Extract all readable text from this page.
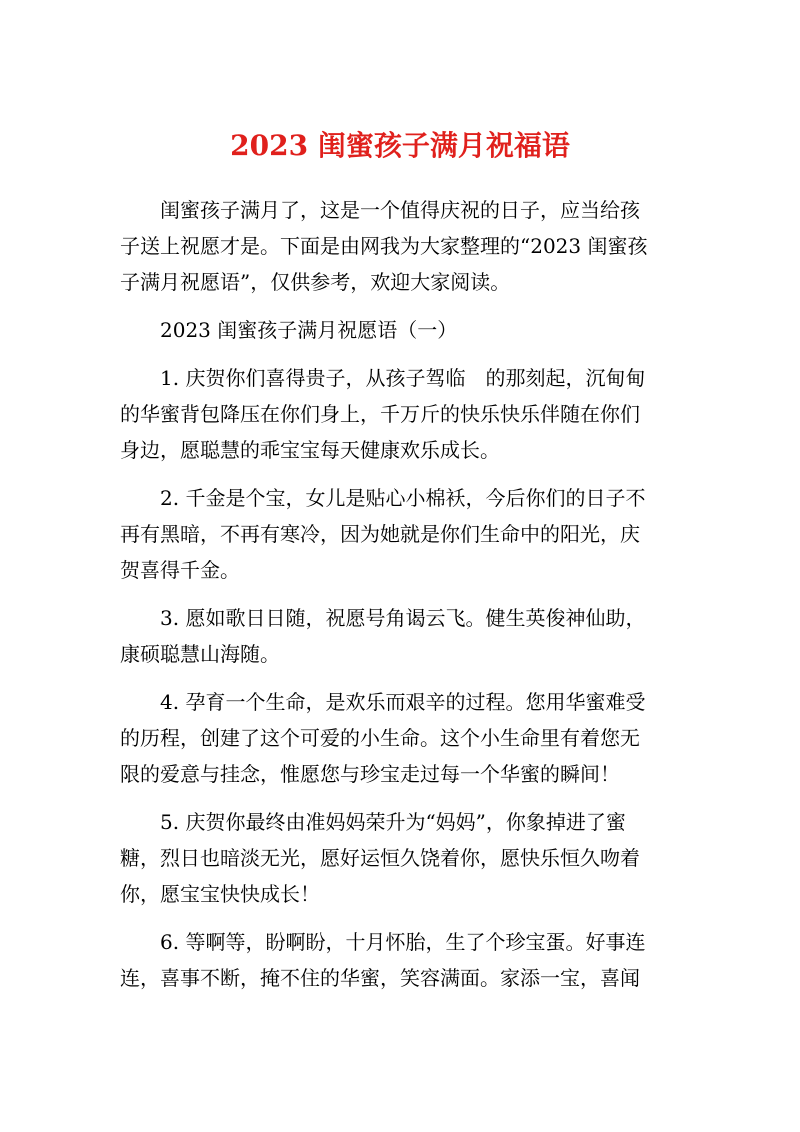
2023 闺蜜孩子满月祝福语
闺蜜孩子满月了，这是一个值得庆祝的日子，应当给孩
子送上祝愿才是。下面是由网我为大家整理的“2023 闺蜜孩
子满月祝愿语”，仅供参考，欢迎大家阅读。
2023 闺蜜孩子满月祝愿语（一）
1. 庆贺你们喜得贵子，从孩子驾临　的那刻起，沉甸甸
的华蜜背包降压在你们身上，千万斤的快乐快乐伴随在你们
身边，愿聪慧的乖宝宝每天健康欢乐成长。
2. 千金是个宝，女儿是贴心小棉袄，今后你们的日子不
再有黑暗，不再有寒冷，因为她就是你们生命中的阳光，庆
贺喜得千金。
3. 愿如歌日日随，祝愿号角谒云飞。健生英俊神仙助，
康硕聪慧山海随。
4. 孕育一个生命，是欢乐而艰辛的过程。您用华蜜难受
的历程，创建了这个可爱的小生命。这个小生命里有着您无
限的爱意与挂念，惟愿您与珍宝走过每一个华蜜的瞬间！
5. 庆贺你最终由准妈妈荣升为“妈妈”，你象掉进了蜜
糖，烈日也暗淡无光，愿好运恒久饶着你，愿快乐恒久吻着
你，愿宝宝快快成长！
6. 等啊等，盼啊盼，十月怀胎，生了个珍宝蛋。好事连
连，喜事不断，掩不住的华蜜，笑容满面。家添一宝，喜闻
